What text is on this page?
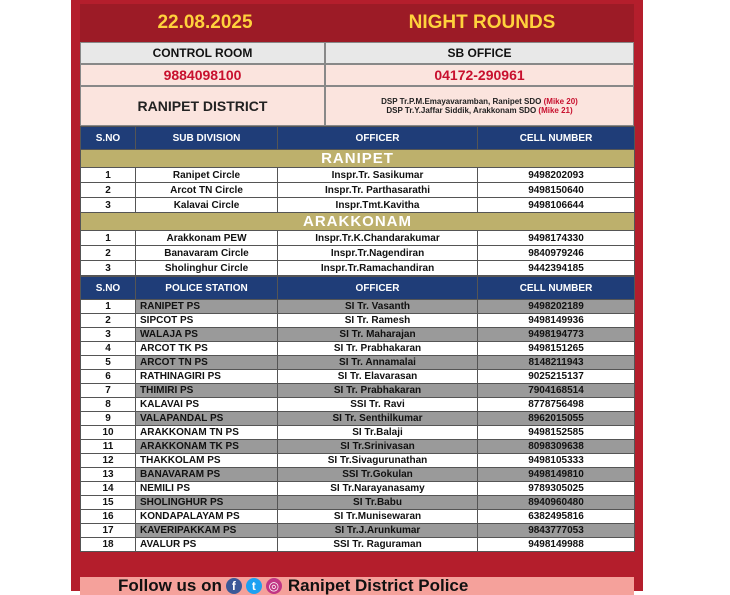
22.08.2025	NIGHT ROUNDS
CONTROL ROOM	SB OFFICE
9884098100	04172-290961
RANIPET DISTRICT	DSP Tr.P.M.Emayavaramban, Ranipet SDO (Mike 20)
DSP Tr.Y.Jaffar Siddik, Arakkonam SDO (Mike 21)
S.NO	SUB DIVISION	OFFICER	CELL NUMBER
RANIPET			
1	Ranipet Circle	Inspr.Tr. Sasikumar	9498202093
2	Arcot TN Circle	Inspr.Tr. Parthasarathi	9498150640
3	Kalavai Circle	Inspr.Tmt.Kavitha	9498106644
ARAKKONAM			
1	Arakkonam PEW	Inspr.Tr.K.Chandarakumar	9498174330
2	Banavaram Circle	Inspr.Tr.Nagendiran	9840979246
3	Sholinghur Circle	Inspr.Tr.Ramachandiran	9442394185
S.NO	POLICE STATION	OFFICER	CELL NUMBER
1	RANIPET PS	SI Tr. Vasanth	9498202189
2	SIPCOT PS	SI Tr. Ramesh	9498149936
3	WALAJA PS	SI Tr. Maharajan	9498194773
4	ARCOT TK PS	SI Tr. Prabhakaran	9498151265
5	ARCOT TN PS	SI Tr. Annamalai	8148211943
6	RATHINAGIRI PS	SI Tr. Elavarasan	9025215137
7	THIMIRI PS	SI Tr. Prabhakaran	7904168514
8	KALAVAI PS	SSI Tr. Ravi	8778756498
9	VALAPANDAL PS	SI Tr. Senthilkumar	8962015055
10	ARAKKONAM TN PS	SI Tr.Balaji	9498152585
11	ARAKKONAM TK PS	SI Tr.Srinivasan	8098309638
12	THAKKOLAM PS	SI Tr.Sivagurunathan	9498105333
13	BANAVARAM PS	SSI Tr.Gokulan	9498149810
14	NEMILI PS	SI Tr.Narayanasamy	9789305025
15	SHOLINGHUR PS	SI Tr.Babu	8940960480
16	KONDAPALAYAM PS	SI Tr.Munisewaran	6382495816
17	KAVERIPAKKAM PS	SI Tr.J.Arunkumar	9843777053
18	AVALUR PS	SSI Tr. Raguraman	9498149988
Follow us on f	t	◎ Ranipet District Police
